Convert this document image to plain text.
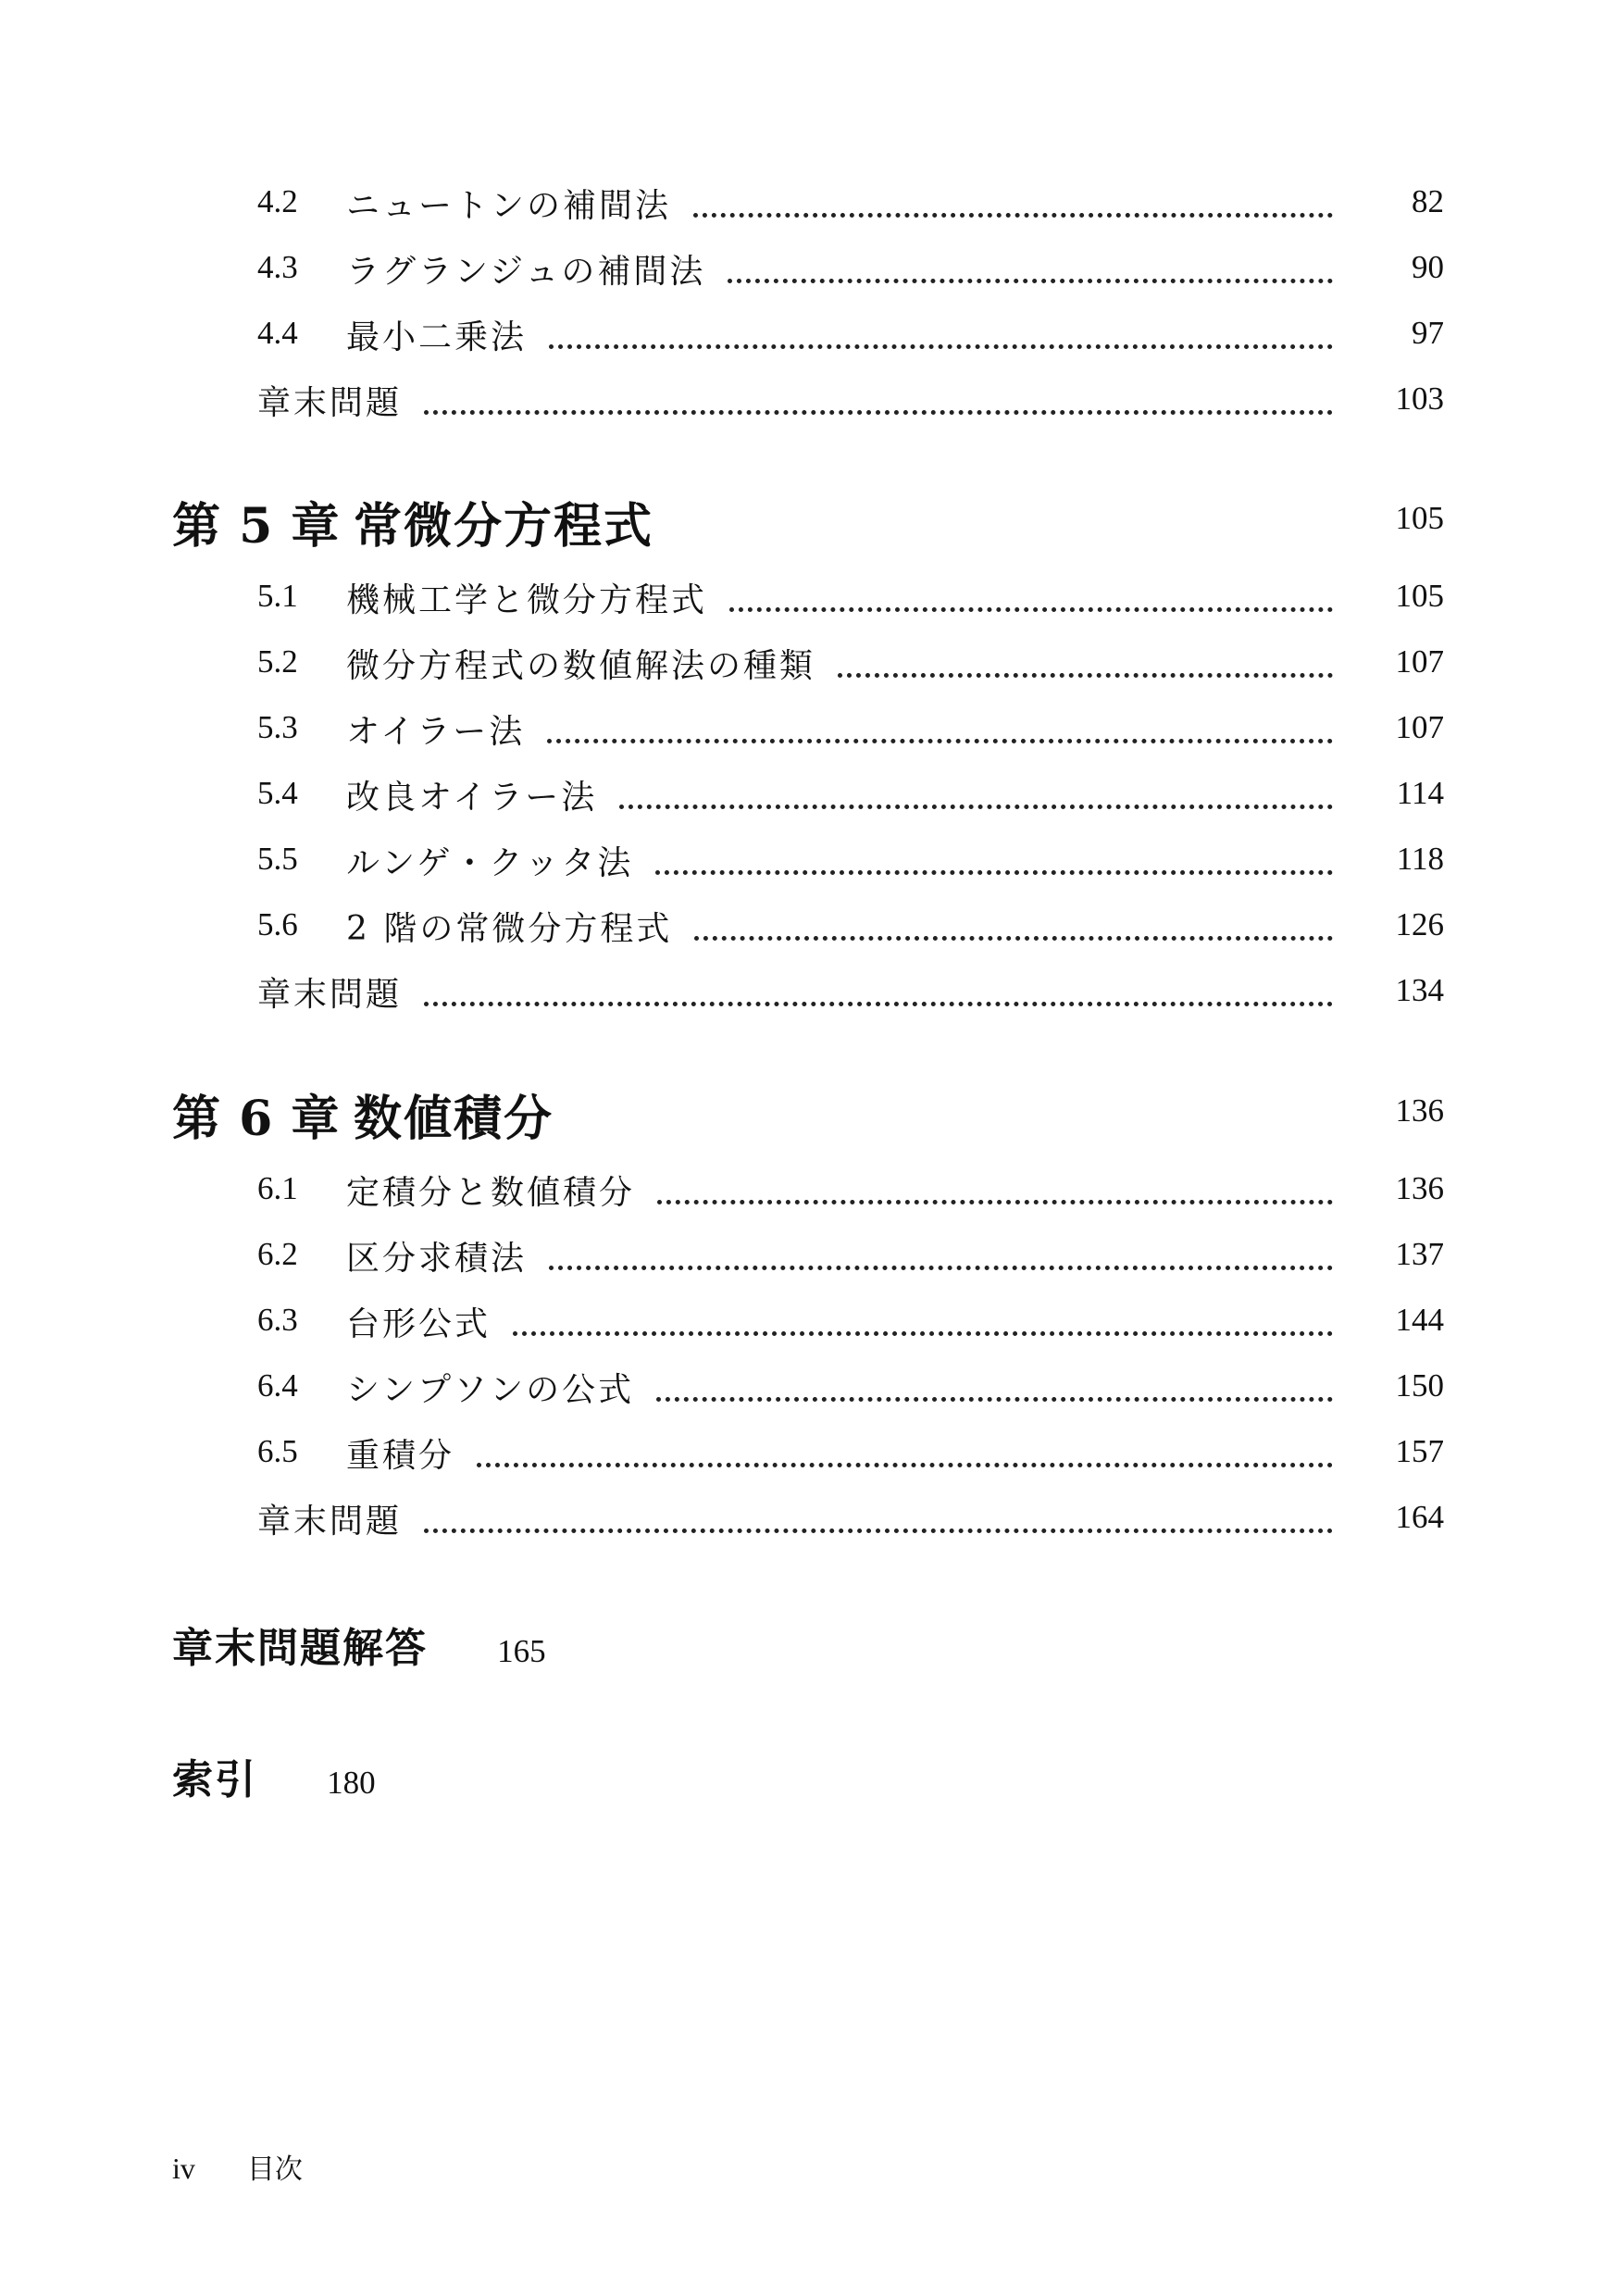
4.2 ニュートンの補間法	82
4.3 ラグランジュの補間法	90
4.4 最小二乗法	97
章末問題	103
第 5 章 常微分方程式	105
5.1 機械工学と微分方程式	105
5.2 微分方程式の数値解法の種類	107
5.3 オイラー法	107
5.4 改良オイラー法	114
5.5 ルンゲ・クッタ法	118
5.6 2 階の常微分方程式	126
章末問題	134
第 6 章 数値積分	136
6.1 定積分と数値積分	136
6.2 区分求積法	137
6.3 台形公式	144
6.4 シンプソンの公式	150
6.5 重積分	157
章末問題	164
章末問題解答 165
索引 180
iv 目次
